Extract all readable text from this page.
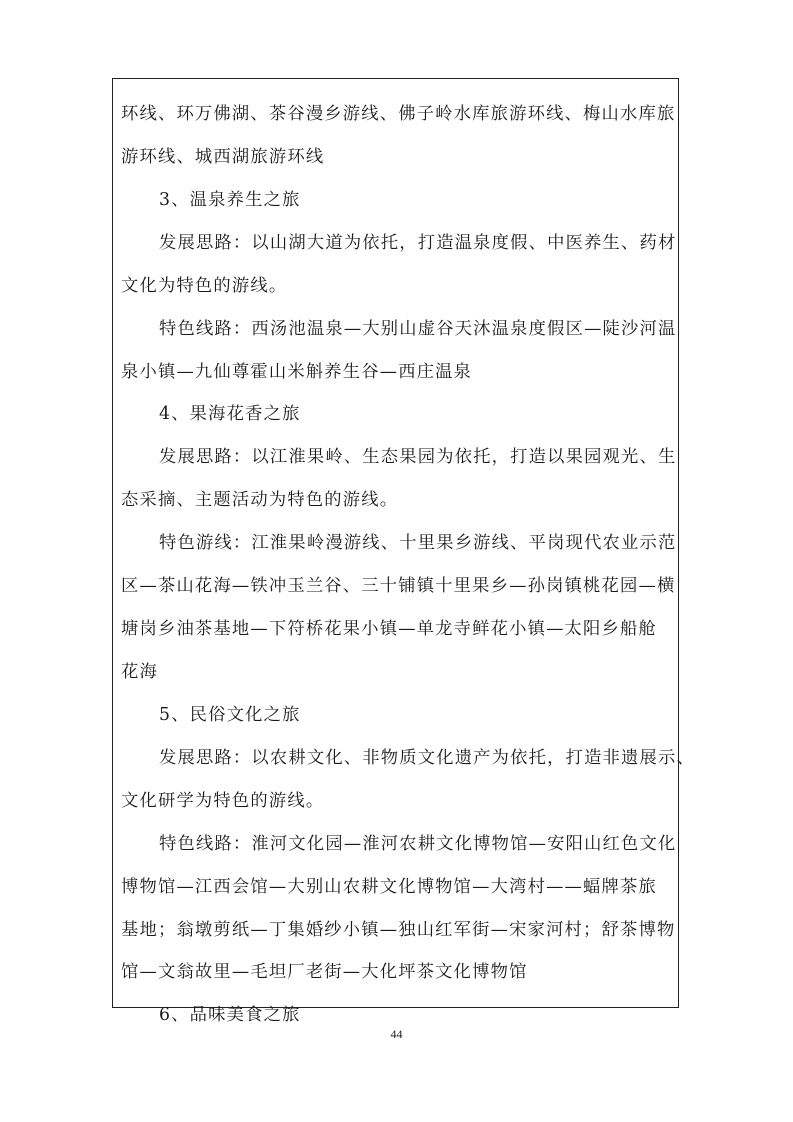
环线、环万佛湖、茶谷漫乡游线、佛子岭水库旅游环线、梅山水库旅
游环线、城西湖旅游环线
3、温泉养生之旅
发展思路：以山湖大道为依托，打造温泉度假、中医养生、药材
文化为特色的游线。
特色线路：西汤池温泉—大别山虚谷天沐温泉度假区—陡沙河温
泉小镇—九仙尊霍山米斛养生谷—西庄温泉
4、果海花香之旅
发展思路：以江淮果岭、生态果园为依托，打造以果园观光、生
态采摘、主题活动为特色的游线。
特色游线：江淮果岭漫游线、十里果乡游线、平岗现代农业示范
区—茶山花海—铁冲玉兰谷、三十铺镇十里果乡—孙岗镇桃花园—横
塘岗乡油茶基地—下符桥花果小镇—单龙寺鲜花小镇—太阳乡船舱
花海
5、民俗文化之旅
发展思路：以农耕文化、非物质文化遗产为依托，打造非遗展示、
文化研学为特色的游线。
特色线路：淮河文化园—淮河农耕文化博物馆—安阳山红色文化
博物馆—江西会馆—大别山农耕文化博物馆—大湾村——蝠牌茶旅
基地；翁墩剪纸—丁集婚纱小镇—独山红军街—宋家河村；舒茶博物
馆—文翁故里—毛坦厂老街—大化坪茶文化博物馆
6、品味美食之旅
44
